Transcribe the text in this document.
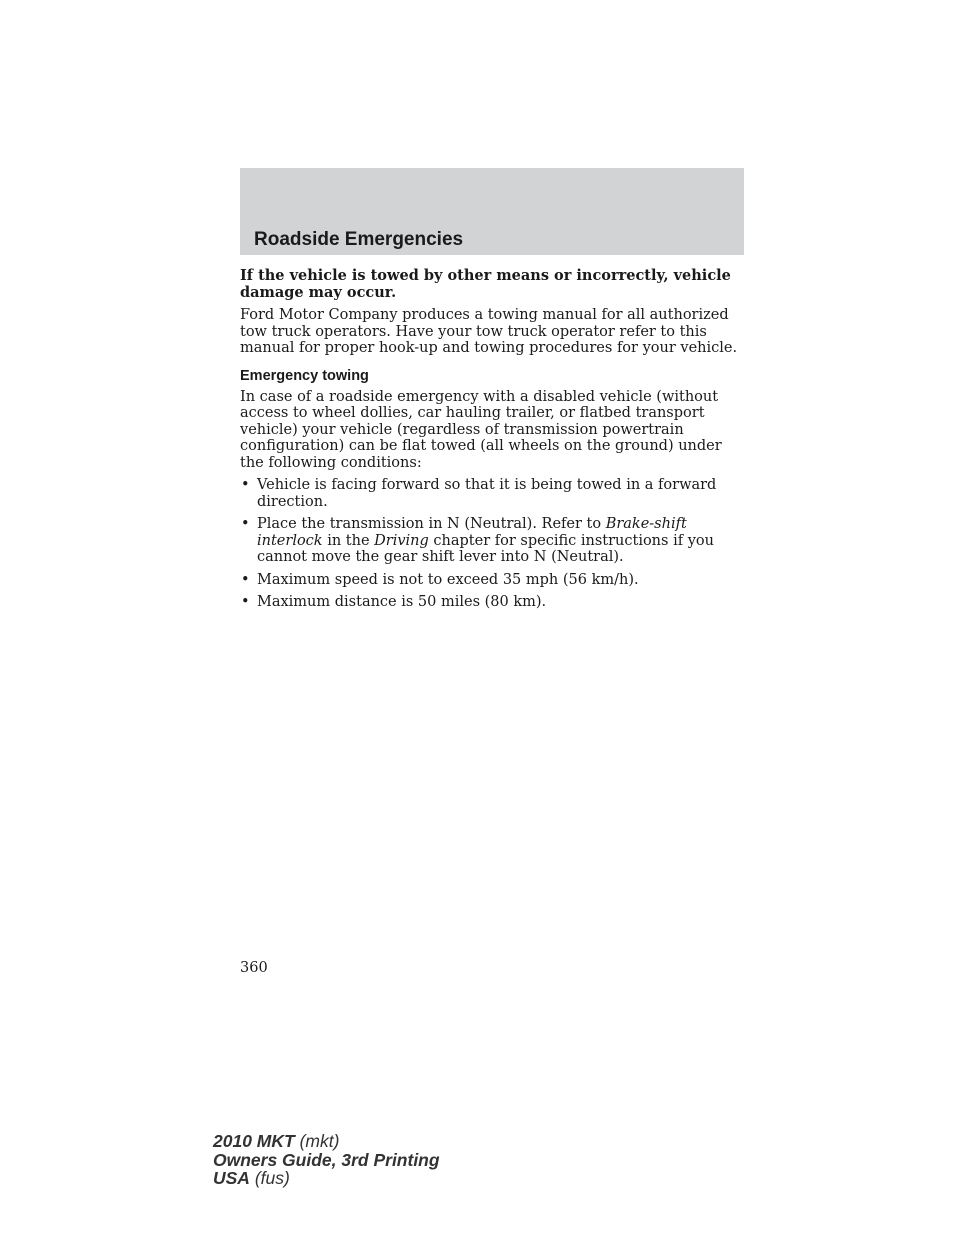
Roadside Emergencies

If the vehicle is towed by other means or incorrectly, vehicle damage may occur.

Ford Motor Company produces a towing manual for all authorized tow truck operators. Have your tow truck operator refer to this manual for proper hook-up and towing procedures for your vehicle.

Emergency towing

In case of a roadside emergency with a disabled vehicle (without access to wheel dollies, car hauling trailer, or flatbed transport vehicle) your vehicle (regardless of transmission powertrain configuration) can be flat towed (all wheels on the ground) under the following conditions:

• Vehicle is facing forward so that it is being towed in a forward direction.
• Place the transmission in N (Neutral). Refer to Brake-shift interlock in the Driving chapter for specific instructions if you cannot move the gear shift lever into N (Neutral).
• Maximum speed is not to exceed 35 mph (56 km/h).
• Maximum distance is 50 miles (80 km).

360

2010 MKT (mkt)
Owners Guide, 3rd Printing
USA (fus)
